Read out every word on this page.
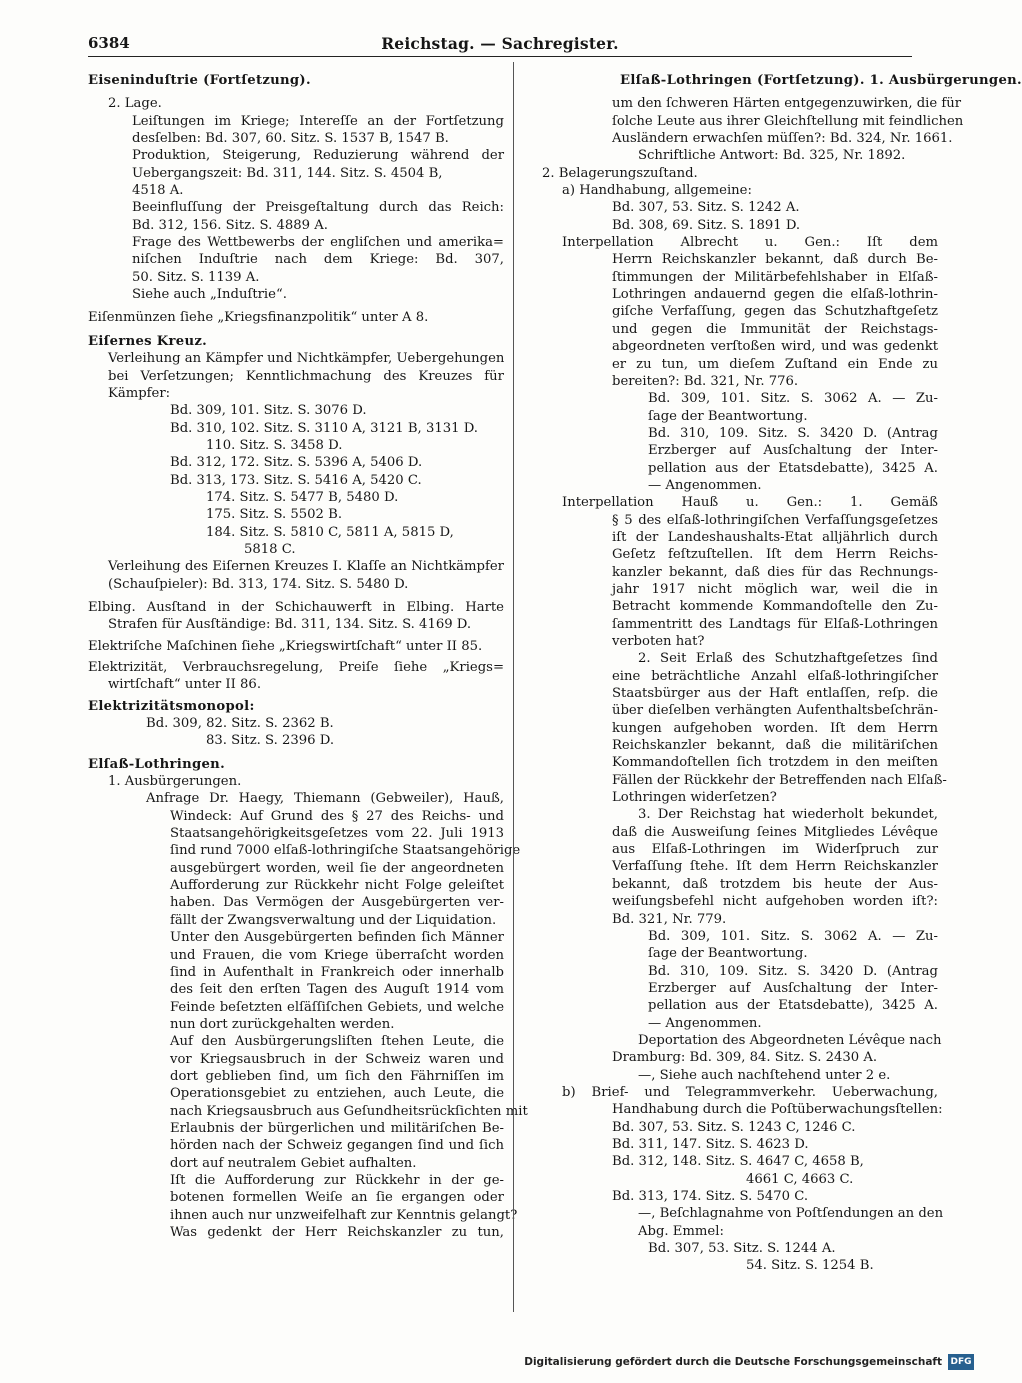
6384	Reichstag. — Sachregister.
Eiseninduſtrie (Fortſetzung).
2. Lage.
Leiſtungen im Kriege; Intereſſe an der Fortſetzung
desſelben: Bd. 307, 60. Sitz. S. 1537 B, 1547 B.
Produktion, Steigerung, Reduzierung während der
Uebergangszeit: Bd. 311, 144. Sitz. S. 4504 B,
4518 A.
Beeinfluſſung der Preisgeſtaltung durch das Reich:
Bd. 312, 156. Sitz. S. 4889 A.
Frage des Wettbewerbs der engliſchen und amerika=
niſchen Induſtrie nach dem Kriege: Bd. 307,
50. Sitz. S. 1139 A.
Siehe auch „Induſtrie“.
Eiſenmünzen ſiehe „Kriegsfinanzpolitik“ unter A 8.
Eiſernes Kreuz.
Verleihung an Kämpfer und Nichtkämpfer, Uebergehungen
bei Verſetzungen; Kenntlichmachung des Kreuzes für
Kämpfer:
Bd. 309, 101. Sitz. S. 3076 D.
Bd. 310, 102. Sitz. S. 3110 A, 3121 B, 3131 D.
110. Sitz. S. 3458 D.
Bd. 312, 172. Sitz. S. 5396 A, 5406 D.
Bd. 313, 173. Sitz. S. 5416 A, 5420 C.
174. Sitz. S. 5477 B, 5480 D.
175. Sitz. S. 5502 B.
184. Sitz. S. 5810 C, 5811 A, 5815 D,
5818 C.
Verleihung des Eiſernen Kreuzes I. Klaſſe an Nichtkämpfer
(Schauſpieler): Bd. 313, 174. Sitz. S. 5480 D.
Elbing. Ausſtand in der Schichauwerft in Elbing. Harte
Strafen für Ausſtändige: Bd. 311, 134. Sitz. S. 4169 D.
Elektriſche Maſchinen ſiehe „Kriegswirtſchaft“ unter II 85.
Elektrizität, Verbrauchsregelung, Preiſe ſiehe „Kriegs=
wirtſchaft“ unter II 86.
Elektrizitätsmonopol:
Bd. 309, 82. Sitz. S. 2362 B.
83. Sitz. S. 2396 D.
Elſaß-Lothringen.
1. Ausbürgerungen.
Anfrage Dr. Haegy, Thiemann (Gebweiler), Hauß,
Windeck: Auf Grund des § 27 des Reichs- und
Staatsangehörigkeitsgeſetzes vom 22. Juli 1913
ſind rund 7000 elſaß-lothringiſche Staatsangehörige
ausgebürgert worden, weil ſie der angeordneten
Aufforderung zur Rückkehr nicht Folge geleiſtet
haben. Das Vermögen der Ausgebürgerten ver-
fällt der Zwangsverwaltung und der Liquidation.
Unter den Ausgebürgerten befinden ſich Männer
und Frauen, die vom Kriege überraſcht worden
ſind in Aufenthalt in Frankreich oder innerhalb
des ſeit den erſten Tagen des Auguſt 1914 vom
Feinde beſetzten elſäſſiſchen Gebiets, und welche
nun dort zurückgehalten werden.
Auf den Ausbürgerungsliſten ſtehen Leute, die
vor Kriegsausbruch in der Schweiz waren und
dort geblieben ſind, um ſich den Fährniſſen im
Operationsgebiet zu entziehen, auch Leute, die
nach Kriegsausbruch aus Geſundheitsrückſichten mit
Erlaubnis der bürgerlichen und militäriſchen Be-
hörden nach der Schweiz gegangen ſind und ſich
dort auf neutralem Gebiet aufhalten.
Iſt die Aufforderung zur Rückkehr in der ge-
botenen formellen Weiſe an ſie ergangen oder
ihnen auch nur unzweifelhaft zur Kenntnis gelangt?
Was gedenkt der Herr Reichskanzler zu tun,
Elſaß-Lothringen (Fortſetzung). 1. Ausbürgerungen.
um den ſchweren Härten entgegenzuwirken, die für
ſolche Leute aus ihrer Gleichſtellung mit feindlichen
Ausländern erwachſen müſſen?: Bd. 324, Nr. 1661.
Schriftliche Antwort: Bd. 325, Nr. 1892.
2. Belagerungszuſtand.
a) Handhabung, allgemeine:
Bd. 307, 53. Sitz. S. 1242 A.
Bd. 308, 69. Sitz. S. 1891 D.
Interpellation Albrecht u. Gen.: Iſt dem
Herrn Reichskanzler bekannt, daß durch Be-
ſtimmungen der Militärbefehlshaber in Elſaß-
Lothringen andauernd gegen die elſaß-lothrin-
giſche Verfaſſung, gegen das Schutzhaftgeſetz
und gegen die Immunität der Reichstags-
abgeordneten verſtoßen wird, und was gedenkt
er zu tun, um dieſem Zuſtand ein Ende zu
bereiten?: Bd. 321, Nr. 776.
Bd. 309, 101. Sitz. S. 3062 A. — Zu-
ſage der Beantwortung.
Bd. 310, 109. Sitz. S. 3420 D. (Antrag
Erzberger auf Ausſchaltung der Inter-
pellation aus der Etatsdebatte), 3425 A.
— Angenommen.
Interpellation Hauß u. Gen.: 1. Gemäß
§ 5 des elſaß-lothringiſchen Verfaſſungsgeſetzes
iſt der Landeshaushalts-Etat alljährlich durch
Geſetz feſtzuſtellen. Iſt dem Herrn Reichs-
kanzler bekannt, daß dies für das Rechnungs-
jahr 1917 nicht möglich war, weil die in
Betracht kommende Kommandoſtelle den Zu-
ſammentritt des Landtags für Elſaß-Lothringen
verboten hat?
2. Seit Erlaß des Schutzhaftgeſetzes ſind
eine beträchtliche Anzahl elſaß-lothringiſcher
Staatsbürger aus der Haft entlaſſen, reſp. die
über dieſelben verhängten Aufenthaltsbeſchrän-
kungen aufgehoben worden. Iſt dem Herrn
Reichskanzler bekannt, daß die militäriſchen
Kommandoſtellen ſich trotzdem in den meiſten
Fällen der Rückkehr der Betreffenden nach Elſaß-
Lothringen widerſetzen?
3. Der Reichstag hat wiederholt bekundet,
daß die Ausweiſung ſeines Mitgliedes Lévêque
aus Elſaß-Lothringen im Widerſpruch zur
Verfaſſung ſtehe. Iſt dem Herrn Reichskanzler
bekannt, daß trotzdem bis heute der Aus-
weiſungsbefehl nicht aufgehoben worden iſt?:
Bd. 321, Nr. 779.
Bd. 309, 101. Sitz. S. 3062 A. — Zu-
ſage der Beantwortung.
Bd. 310, 109. Sitz. S. 3420 D. (Antrag
Erzberger auf Ausſchaltung der Inter-
pellation aus der Etatsdebatte), 3425 A.
— Angenommen.
Deportation des Abgeordneten Lévêque nach
Dramburg: Bd. 309, 84. Sitz. S. 2430 A.
—, Siehe auch nachſtehend unter 2 e.
b) Brief- und Telegrammverkehr. Ueberwachung,
Handhabung durch die Poſtüberwachungsſtellen:
Bd. 307, 53. Sitz. S. 1243 C, 1246 C.
Bd. 311, 147. Sitz. S. 4623 D.
Bd. 312, 148. Sitz. S. 4647 C, 4658 B,
4661 C, 4663 C.
Bd. 313, 174. Sitz. S. 5470 C.
—, Beſchlagnahme von Poſtſendungen an den
Abg. Emmel:
Bd. 307, 53. Sitz. S. 1244 A.
54. Sitz. S. 1254 B.
Digitalisierung gefördert durch die Deutsche Forschungsgemeinschaft DFG
